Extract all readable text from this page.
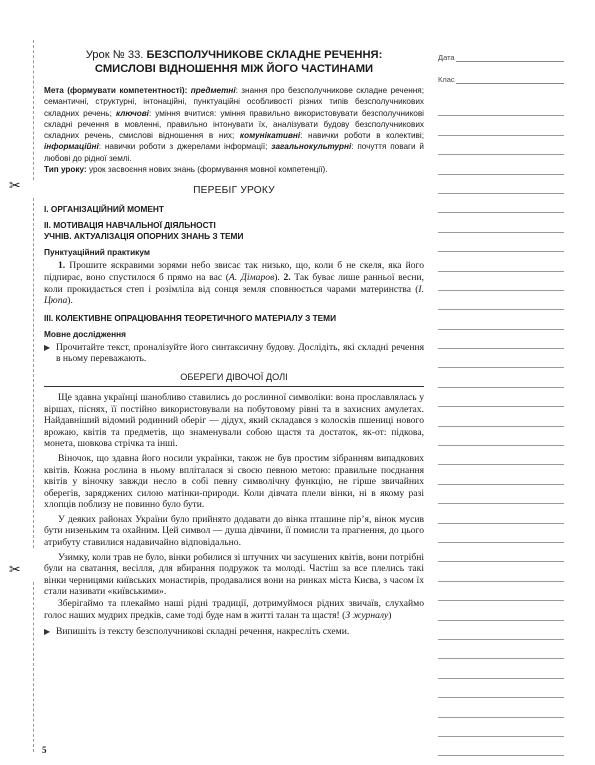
✂
✂

Урок № 33. БЕЗСПОЛУЧНИКОВЕ СКЛАДНЕ РЕЧЕННЯ:

СМИСЛОВІ ВІДНОШЕННЯ МІЖ ЙОГО ЧАСТИНАМИ

Мета (формувати компетентності): предметні: знання про безсполучникове складне речення; семантичні, структурні, інтонаційні, пунктуаційні особливості різних типів безсполучникових складних речень; ключові: уміння вчитися: уміння правильно використовувати безсполучникові складні речення в мовленні, правильно інтонувати їх, аналізувати будову безсполучникових складних речень, смислові відношення в них; комунікативні: навички роботи в колективі; інформаційні: навички роботи з джерелами інформації; загальнокультурні: почуття поваги й любові до рідної землі.

Тип уроку: урок засвоєння нових знань (формування мовної компетенції).

ПЕРЕБІГ УРОКУ

І. ОРГАНІЗАЦІЙНИЙ МОМЕНТ

ІІ. МОТИВАЦІЯ НАВЧАЛЬНОЇ ДІЯЛЬНОСТІ
УЧНІВ. АКТУАЛІЗАЦІЯ ОПОРНИХ ЗНАНЬ З ТЕМИ

Пунктуаційний практикум

1. Прошите яскравими зорями небо звисає так низько, що, коли б не скеля, яка його підпирає, воно спустилося б прямо на вас (А. Дімаров). 2. Так буває лише ранньої весни, коли прокидається степ і розімліла від сонця земля сповнюється чарами материнства (І. Цюпа).

ІІІ. КОЛЕКТИВНЕ ОПРАЦЮВАННЯ ТЕОРЕТИЧНОГО МАТЕРІАЛУ З ТЕМИ

Мовне дослідження

▶ Прочитайте текст, проналізуйте його синтаксичну будову. Дослідіть, які складні речення в ньому переважають.
ОБЕРЕГИ ДІВОЧОЇ ДОЛІ

Ще здавна українці шанобливо ставились до рослинної символіки: вона прославлялась у віршах, піснях, її постійно використовували на побутовому рівні та в захисних амулетах. Найдавніший відомий родинний оберіг — дідух, який складався з колосків пшениці нового врожаю, квітів та предметів, що знаменували собою щастя та достаток, як-от: підкова, монета, шовкова стрічка та інші.

Віночок, що здавна його носили українки, також не був простим зібранням випадкових квітів. Кожна рослина в ньому вплiталася зі своєю певною метою: правильне поєднання квітів у віночку завжди несло в собі певну символічну функцію, не гірше звичайних оберегів, заряджених силою матінки-природи. Коли дівчата плели вінки, ні в якому разі хлопців поблизу не повинно було бути.

У деяких районах України було прийнято додавати до вінка пташине пір’я, вінок мусив бути низеньким та охайним. Цей символ — душа дівчини, її помисли та прагнення, до цього атрибуту ставилися надавичайно відповідально.

Узимку, коли трав не було, вінки робилися зі штучних чи засушених квітів, вони потрібні були на сватання, весілля, для вбирання подружок та молоді. Частіш за все плелись такі вінки черницями київських монастирів, продавалися вони на ринках міста Києва, з часом їх стали називати «київськими».

Зберігаймо та плекаймо наші рідні традиції, дотримуймося рідних звичаїв, слухаймо голос наших мудрих предків, саме тоді буде нам в житті талан та щастя! (З журналу)

▶ Випишіть із тексту безсполучникові складні речення, накресліть схеми.
5
Дата
Клас
